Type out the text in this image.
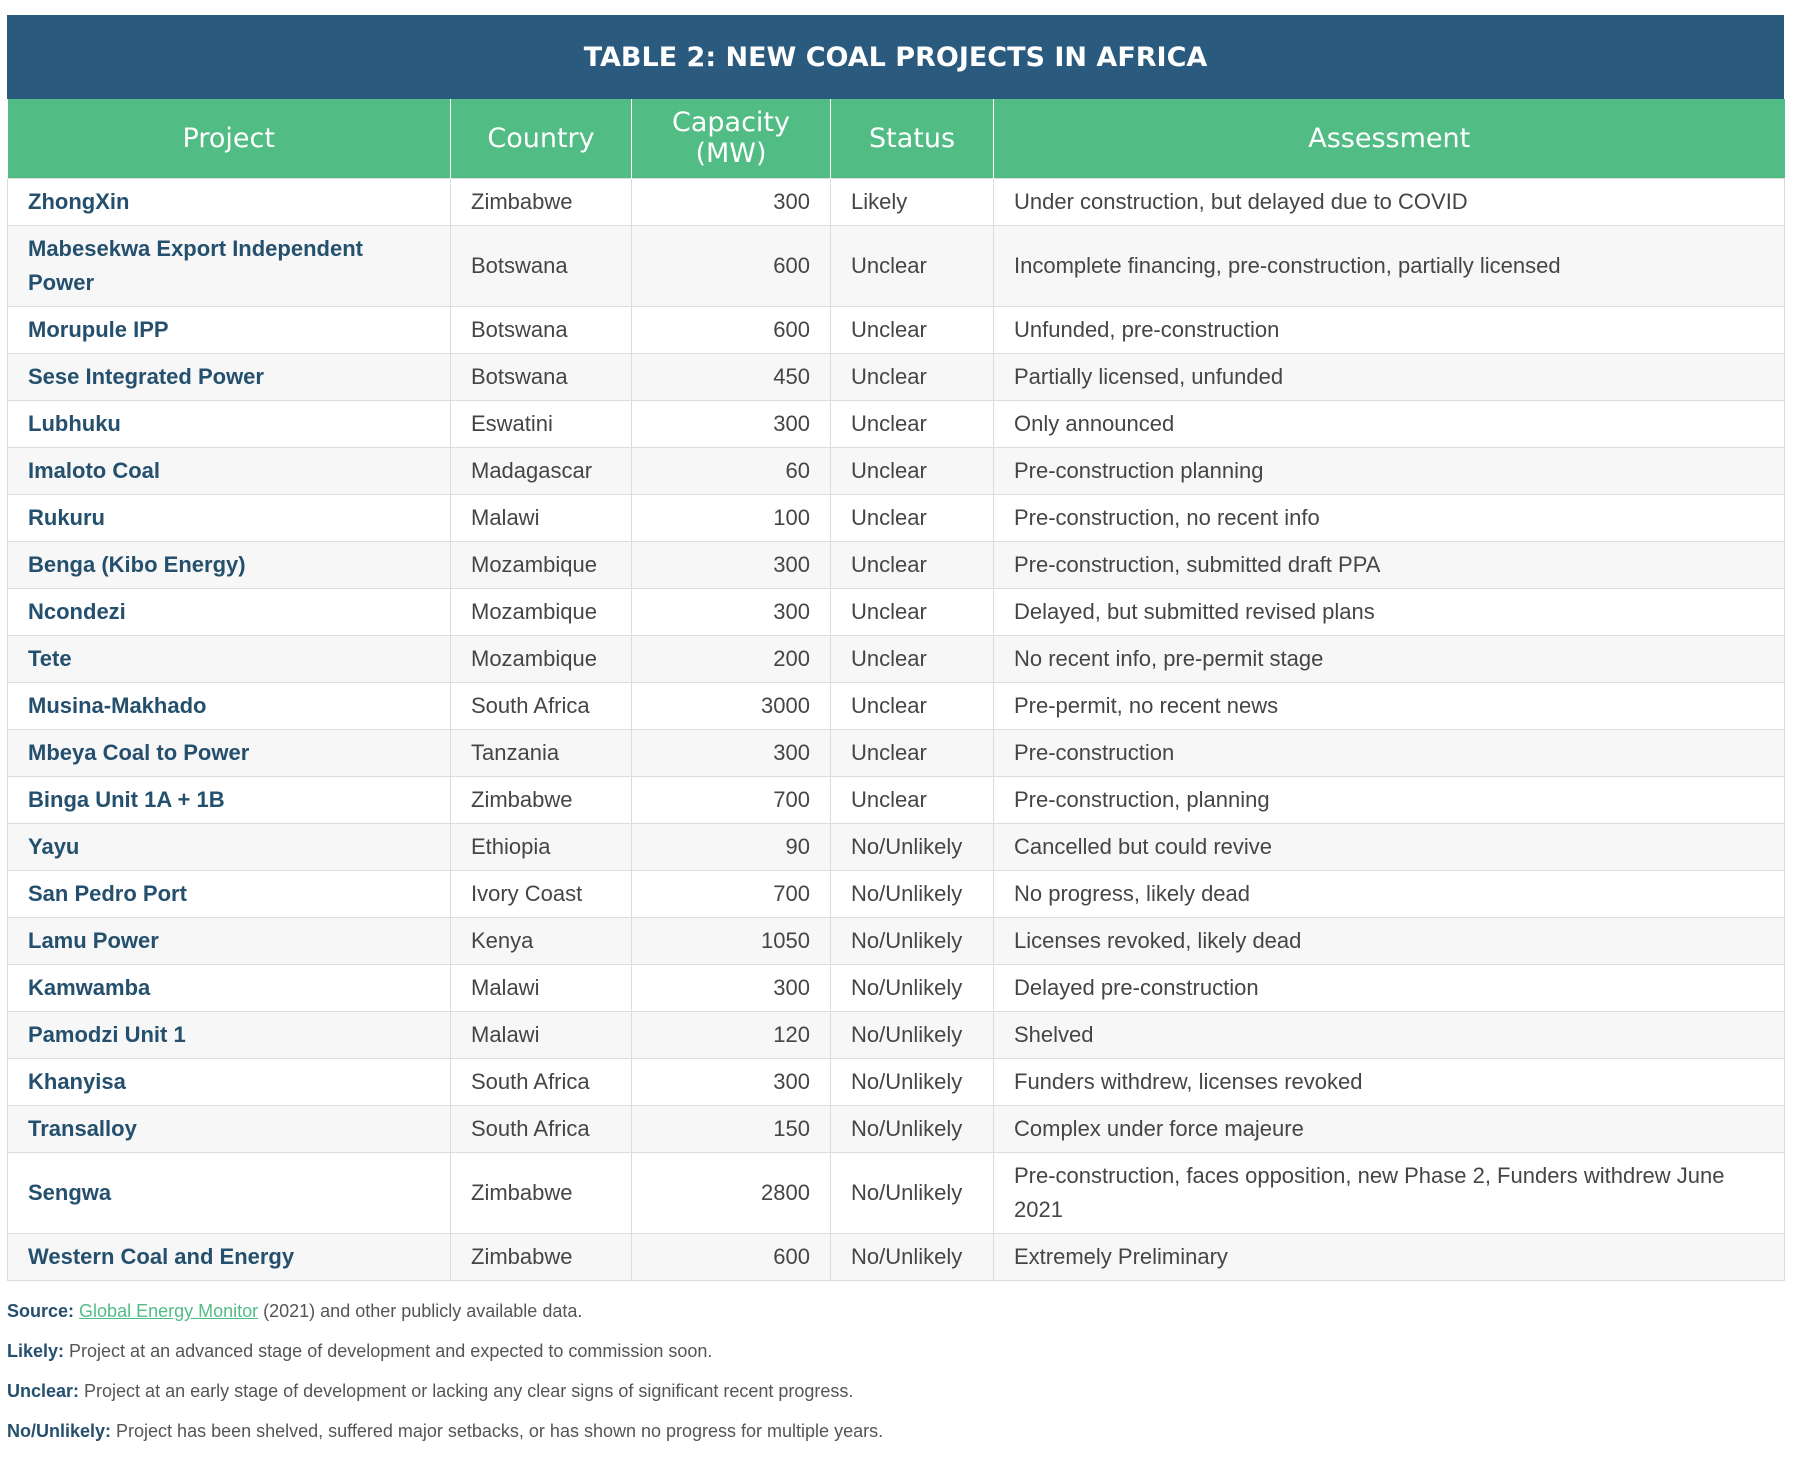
TABLE 2: NEW COAL PROJECTS IN AFRICA
Project	Country	Capacity (MW)	Status	Assessment
ZhongXin	Zimbabwe	300	Likely	Under construction, but delayed due to COVID
Mabesekwa Export Independent Power	Botswana	600	Unclear	Incomplete financing, pre-construction, partially licensed
Morupule IPP	Botswana	600	Unclear	Unfunded, pre-construction
Sese Integrated Power	Botswana	450	Unclear	Partially licensed, unfunded
Lubhuku	Eswatini	300	Unclear	Only announced
Imaloto Coal	Madagascar	60	Unclear	Pre-construction planning
Rukuru	Malawi	100	Unclear	Pre-construction, no recent info
Benga (Kibo Energy)	Mozambique	300	Unclear	Pre-construction, submitted draft PPA
Ncondezi	Mozambique	300	Unclear	Delayed, but submitted revised plans
Tete	Mozambique	200	Unclear	No recent info, pre-permit stage
Musina-Makhado	South Africa	3000	Unclear	Pre-permit, no recent news
Mbeya Coal to Power	Tanzania	300	Unclear	Pre-construction
Binga Unit 1A + 1B	Zimbabwe	700	Unclear	Pre-construction, planning
Yayu	Ethiopia	90	No/Unlikely	Cancelled but could revive
San Pedro Port	Ivory Coast	700	No/Unlikely	No progress, likely dead
Lamu Power	Kenya	1050	No/Unlikely	Licenses revoked, likely dead
Kamwamba	Malawi	300	No/Unlikely	Delayed pre-construction
Pamodzi Unit 1	Malawi	120	No/Unlikely	Shelved
Khanyisa	South Africa	300	No/Unlikely	Funders withdrew, licenses revoked
Transalloy	South Africa	150	No/Unlikely	Complex under force majeure
Sengwa	Zimbabwe	2800	No/Unlikely	Pre-construction, faces opposition, new Phase 2, Funders withdrew June 2021
Western Coal and Energy	Zimbabwe	600	No/Unlikely	Extremely Preliminary
Source: Global Energy Monitor (2021) and other publicly available data.
Likely: Project at an advanced stage of development and expected to commission soon.
Unclear: Project at an early stage of development or lacking any clear signs of significant recent progress.
No/Unlikely: Project has been shelved, suffered major setbacks, or has shown no progress for multiple years.
